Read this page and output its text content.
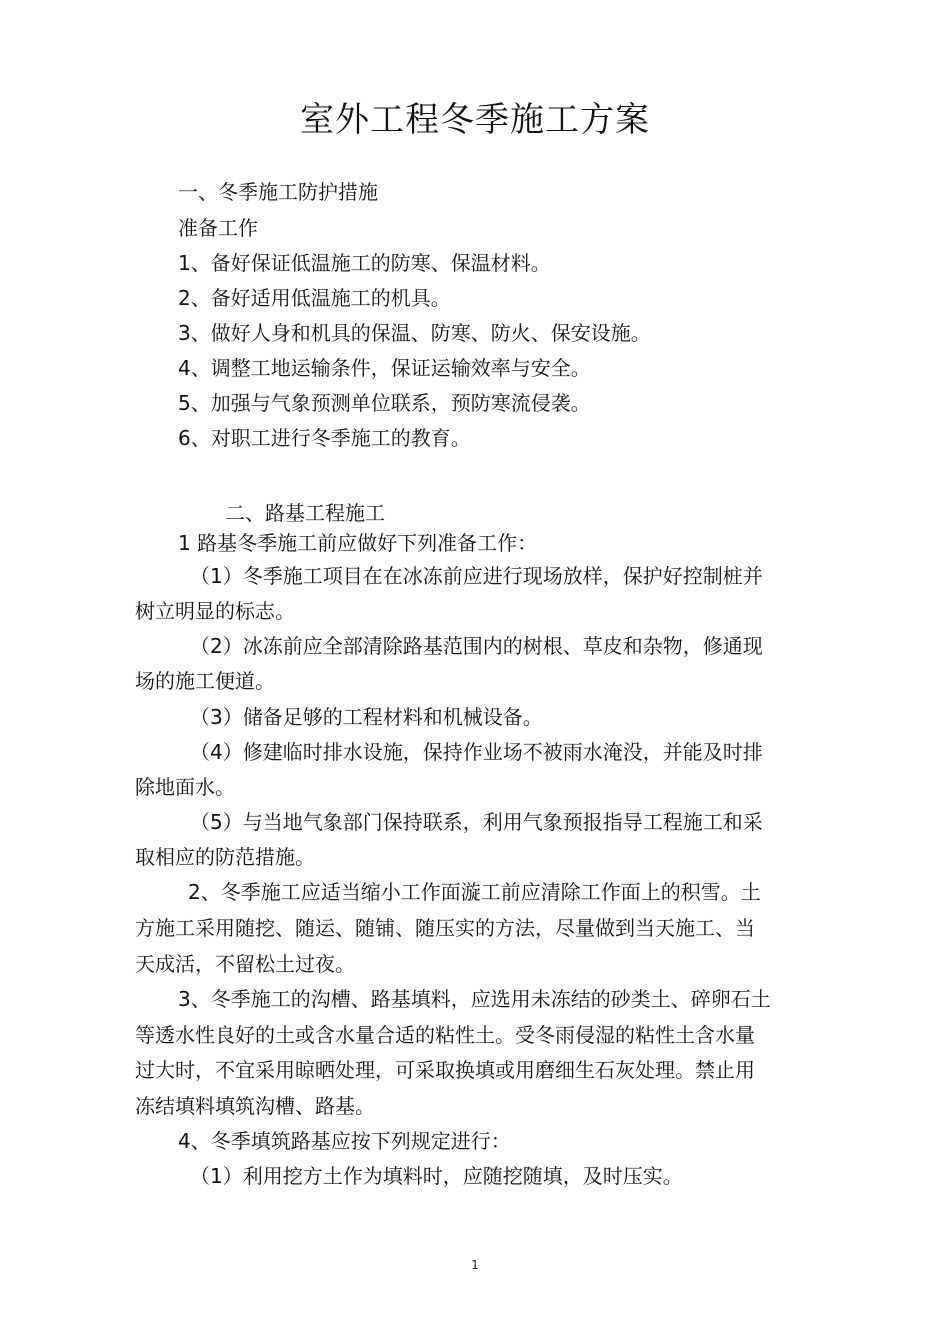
室外工程冬季施工方案
一、冬季施工防护措施
准备工作
1、备好保证低温施工的防寒、保温材料。
2、备好适用低温施工的机具。
3、做好人身和机具的保温、防寒、防火、保安设施。
4、调整工地运输条件，保证运输效率与安全。
5、加强与气象预测单位联系，预防寒流侵袭。
6、对职工进行冬季施工的教育。
二、路基工程施工
1 路基冬季施工前应做好下列准备工作：
（1）冬季施工项目在在冰冻前应进行现场放样，保护好控制桩并
树立明显的标志。
（2）冰冻前应全部清除路基范围内的树根、草皮和杂物，修通现
场的施工便道。
（3）储备足够的工程材料和机械设备。
（4）修建临时排水设施，保持作业场不被雨水淹没，并能及时排
除地面水。
（5）与当地气象部门保持联系，利用气象预报指导工程施工和采
取相应的防范措施。
2、冬季施工应适当缩小工作面漩工前应清除工作面上的积雪。土
方施工采用随挖、随运、随铺、随压实的方法，尽量做到当天施工、当
天成活，不留松土过夜。
3、冬季施工的沟槽、路基填料，应选用未冻结的砂类土、碎卵石土
等透水性良好的土或含水量合适的粘性土。受冬雨侵湿的粘性土含水量
过大时，不宜采用晾晒处理，可采取换填或用磨细生石灰处理。禁止用
冻结填料填筑沟槽、路基。
4、冬季填筑路基应按下列规定进行：
（1）利用挖方土作为填料时，应随挖随填，及时压实。
1
